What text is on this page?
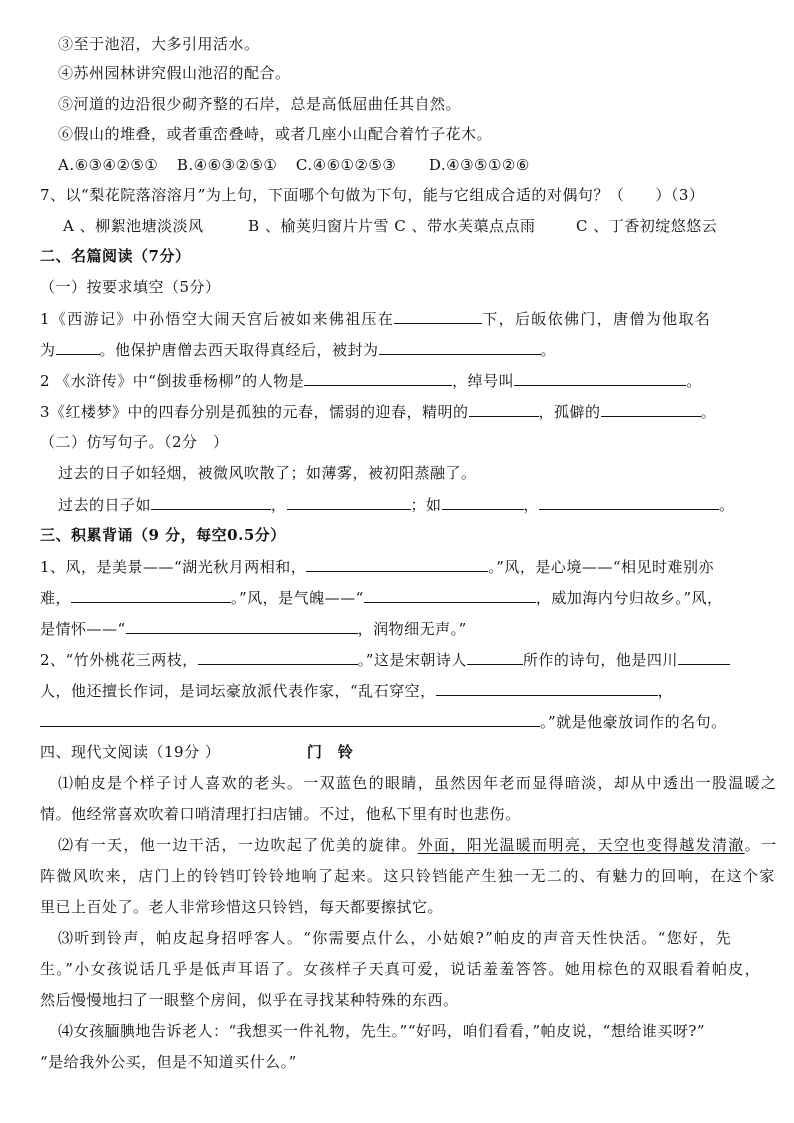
③至于池沼，大多引用活水。
④苏州园林讲究假山池沼的配合。
⑤河道的边沿很少砌齐整的石岸，总是高低屈曲任其自然。
⑥假山的堆叠，或者重峦叠峙，或者几座小山配合着竹子花木。
A.⑥③④②⑤① B.④⑥③②⑤① C.④⑥①②⑤③ D.④③⑤①②⑥
7、以“梨花院落溶溶月”为上句，下面哪个句做为下句，能与它组成合适的对偶句？（　　）（3）
A 、柳絮池塘淡淡风	B 、榆荚归窗片片雪 C 、带水芙蕖点点雨	C 、丁香初绽悠悠云
二、名篇阅读（7分）
（一）按要求填空（5分）
1《西游记》中孙悟空大闹天宫后被如来佛祖压在	下，后皈依佛门，唐僧为他取名
为	。他保护唐僧去西天取得真经后，被封为	。
2 《水浒传》中“倒拔垂杨柳”的人物是	，绰号叫	。
3《红楼梦》中的四春分别是孤独的元春，懦弱的迎春，精明的	，孤僻的	。
（二）仿写句子。（2分　）
过去的日子如轻烟，被微风吹散了；如薄雾，被初阳蒸融了。
过去的日子如	，	；如	，	。
三、积累背诵（9 分，每空0.5分）
1、风，是美景——“湖光秋月两相和，	。”风，是心境——“相见时难别亦
难，	。”风，是气魄——“	，威加海内兮归故乡。”风，
是情怀——“	，润物细无声。”
2、“竹外桃花三两枝，	。”这是宋朝诗人	所作的诗句，他是四川
人，他还擅长作词，是词坛豪放派代表作家，“乱石穿空，	，
。”就是他豪放词作的名句。
四、现代文阅读（19分 ）	门　铃
⑴帕皮是个样子讨人喜欢的老头。一双蓝色的眼睛，虽然因年老而显得暗淡，却从中透出一股温暖之
情。他经常喜欢吹着口哨清理打扫店铺。不过，他私下里有时也悲伤。
⑵有一天，他一边干活，一边吹起了优美的旋律。外面，阳光温暖而明亮，天空也变得越发清澈。一
阵微风吹来，店门上的铃铛叮铃铃地响了起来。这只铃铛能产生独一无二的、有魅力的回响，在这个家
里已上百处了。老人非常珍惜这只铃铛，每天都要擦拭它。
⑶听到铃声，帕皮起身招呼客人。“你需要点什么，小姑娘?”帕皮的声音天性快活。“您好，先
生。”小女孩说话几乎是低声耳语了。女孩样子天真可爱，说话羞羞答答。她用棕色的双眼看着帕皮，
然后慢慢地扫了一眼整个房间，似乎在寻找某种特殊的东西。
⑷女孩腼腆地告诉老人：“我想买一件礼物，先生。”“好吗，咱们看看，”帕皮说，“想给谁买呀?”
“是给我外公买，但是不知道买什么。”
